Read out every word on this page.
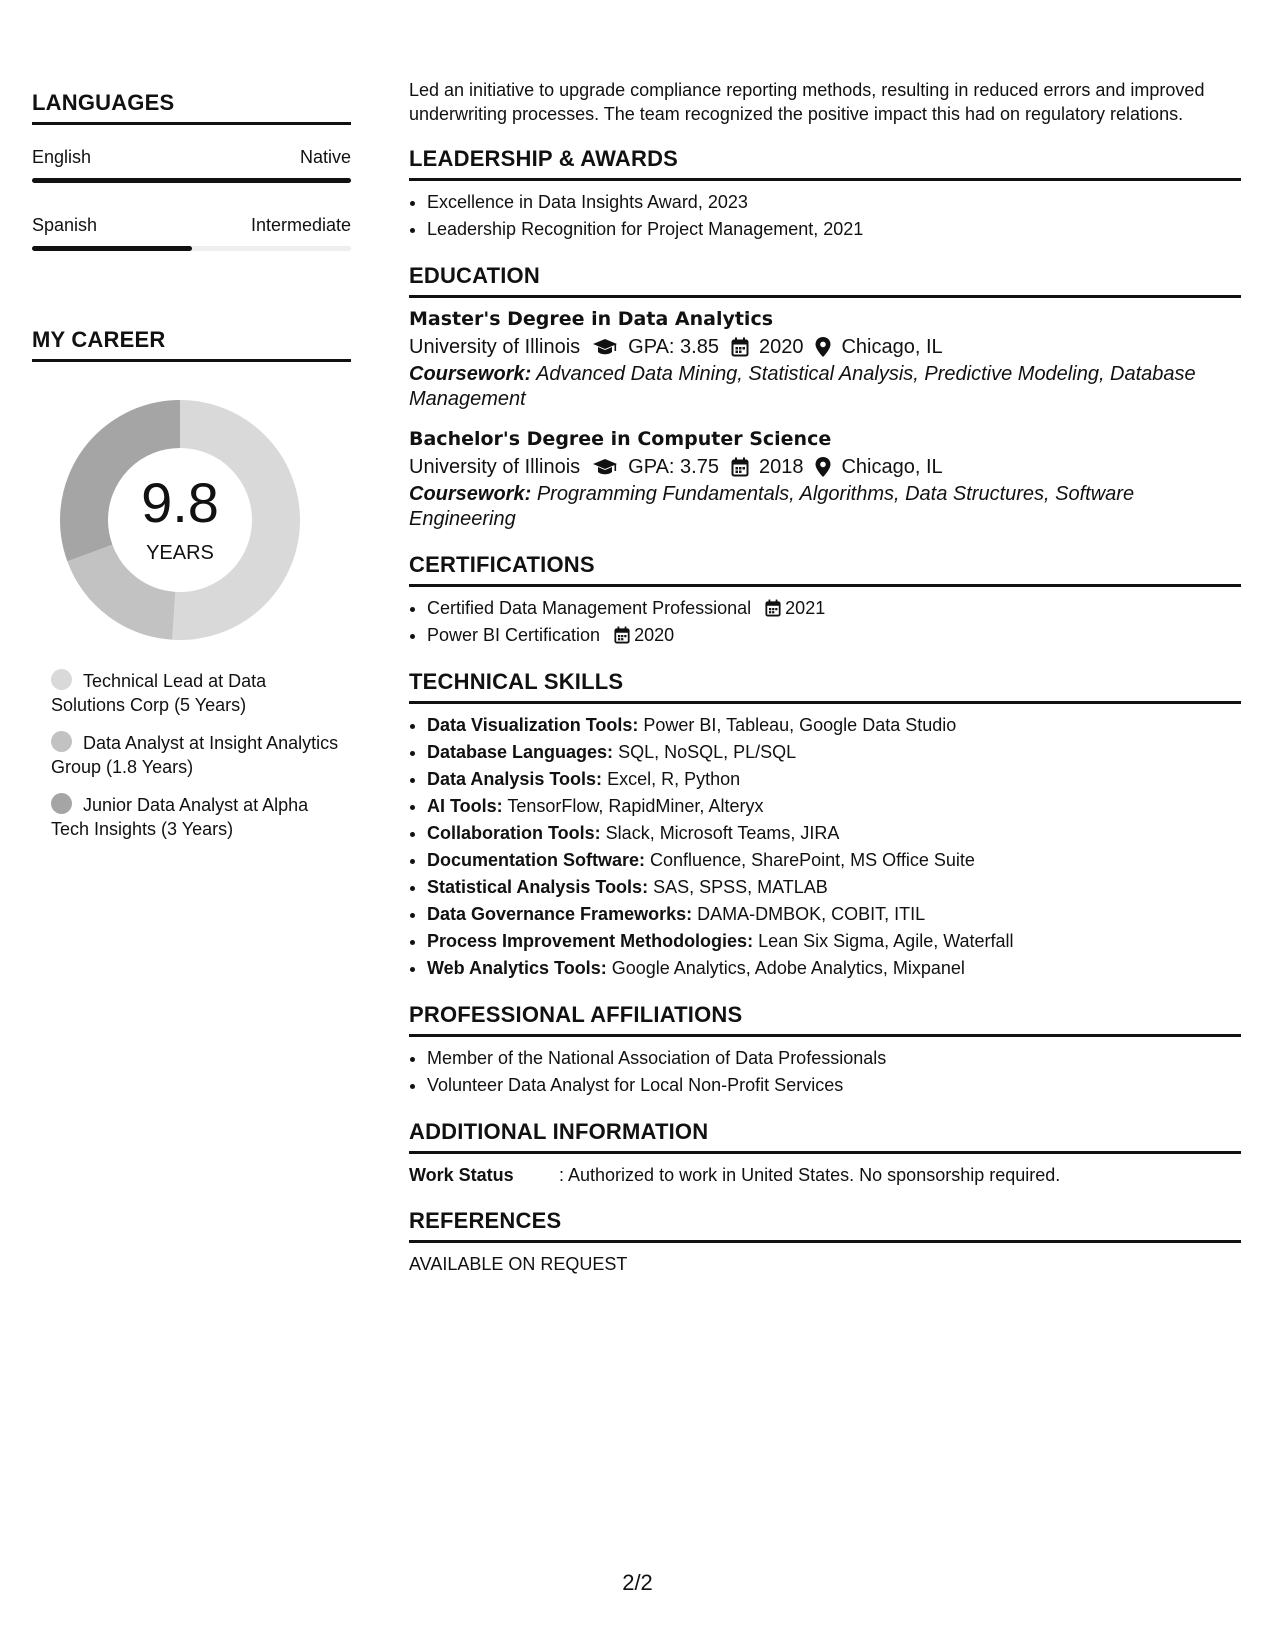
LANGUAGES
English	Native
Spanish	Intermediate
MY CAREER
9.8
YEARS
Technical Lead at Data Solutions Corp (5 Years)
Data Analyst at Insight Analytics Group (1.8 Years)
Junior Data Analyst at Alpha Tech Insights (3 Years)

Led an initiative to upgrade compliance reporting methods, resulting in reduced errors and improved underwriting processes. The team recognized the positive impact this had on regulatory relations.

LEADERSHIP & AWARDS
• Excellence in Data Insights Award, 2023
• Leadership Recognition for Project Management, 2021
EDUCATION
Master's Degree in Data Analytics
University of Illinois GPA: 3.85 2020 Chicago, IL
Coursework: Advanced Data Mining, Statistical Analysis, Predictive Modeling, Database Management
Bachelor's Degree in Computer Science
University of Illinois GPA: 3.75 2018 Chicago, IL
Coursework: Programming Fundamentals, Algorithms, Data Structures, Software Engineering
CERTIFICATIONS
• Certified Data Management Professional 2021
• Power BI Certification 2020
TECHNICAL SKILLS
• Data Visualization Tools: Power BI, Tableau, Google Data Studio
• Database Languages: SQL, NoSQL, PL/SQL
• Data Analysis Tools: Excel, R, Python
• AI Tools: TensorFlow, RapidMiner, Alteryx
• Collaboration Tools: Slack, Microsoft Teams, JIRA
• Documentation Software: Confluence, SharePoint, MS Office Suite
• Statistical Analysis Tools: SAS, SPSS, MATLAB
• Data Governance Frameworks: DAMA-DMBOK, COBIT, ITIL
• Process Improvement Methodologies: Lean Six Sigma, Agile, Waterfall
• Web Analytics Tools: Google Analytics, Adobe Analytics, Mixpanel
PROFESSIONAL AFFILIATIONS
• Member of the National Association of Data Professionals
• Volunteer Data Analyst for Local Non-Profit Services
ADDITIONAL INFORMATION
Work Status	: Authorized to work in United States. No sponsorship required.
REFERENCES
AVAILABLE ON REQUEST
2/2
